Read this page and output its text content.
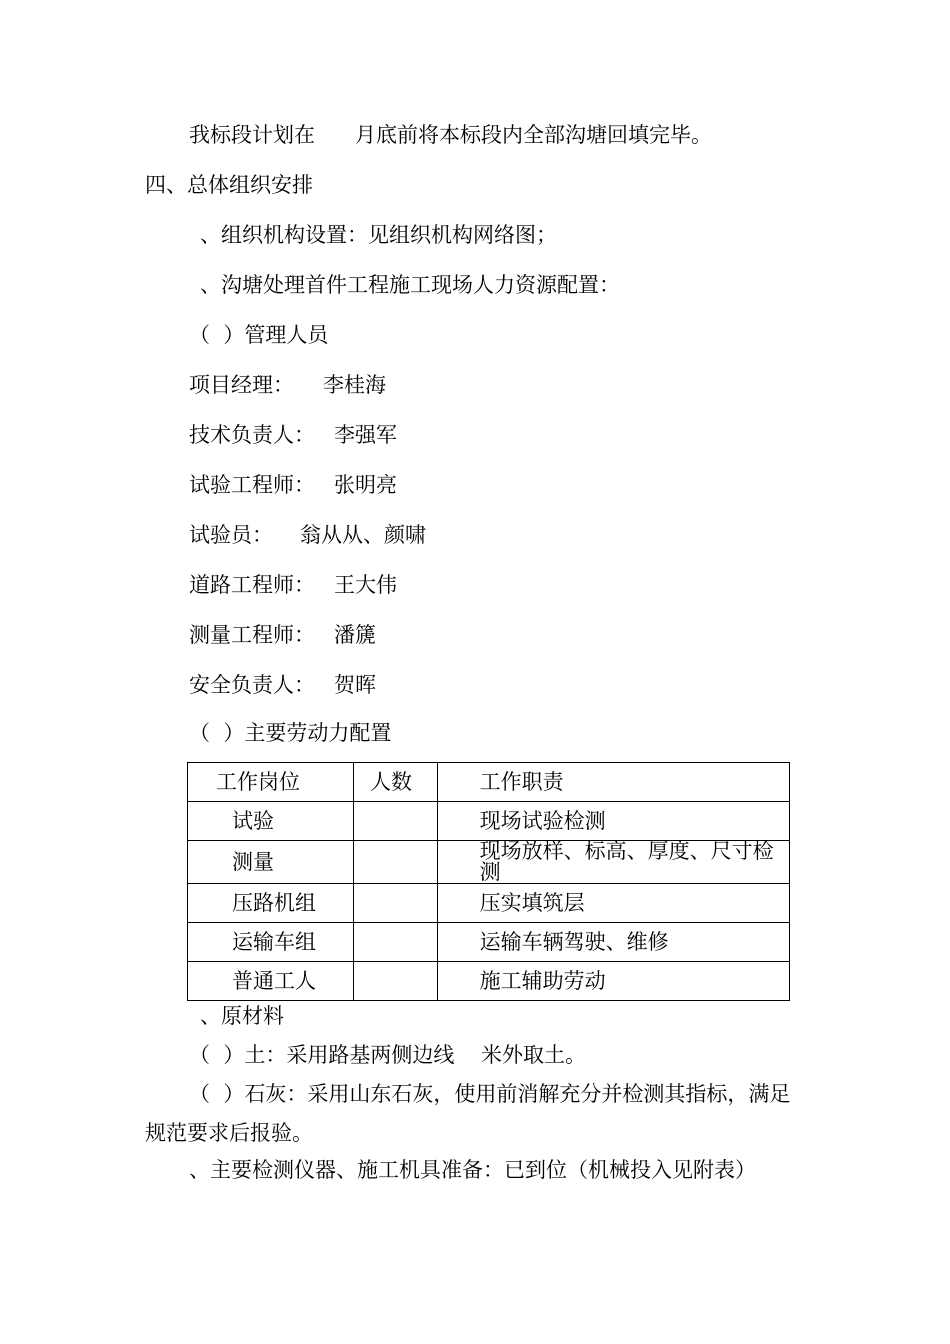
我标段计划在      月底前将本标段内全部沟塘回填完毕。
四、总体组织安排
、组织机构设置：见组织机构网络图；
、沟塘处理首件工程施工现场人力资源配置：
（  ）管理人员
项目经理： 李桂海
技术负责人： 李强军
试验工程师： 张明亮
试验员： 翁从从、颜啸
道路工程师： 王大伟
测量工程师： 潘篪
安全负责人： 贺晖
（  ）主要劳动力配置
工作岗位	人数	工作职责
试验		现场试验检测
测量		现场放样、标高、厚度、尺寸检测
压路机组		压实填筑层
运输车组		运输车辆驾驶、维修
普通工人		施工辅助劳动
、原材料
（  ）土：采用路基两侧边线    米外取土。
（  ）石灰：采用山东石灰，使用前消解充分并检测其指标，满足
规范要求后报验。
、主要检测仪器、施工机具准备：已到位（机械投入见附表）
